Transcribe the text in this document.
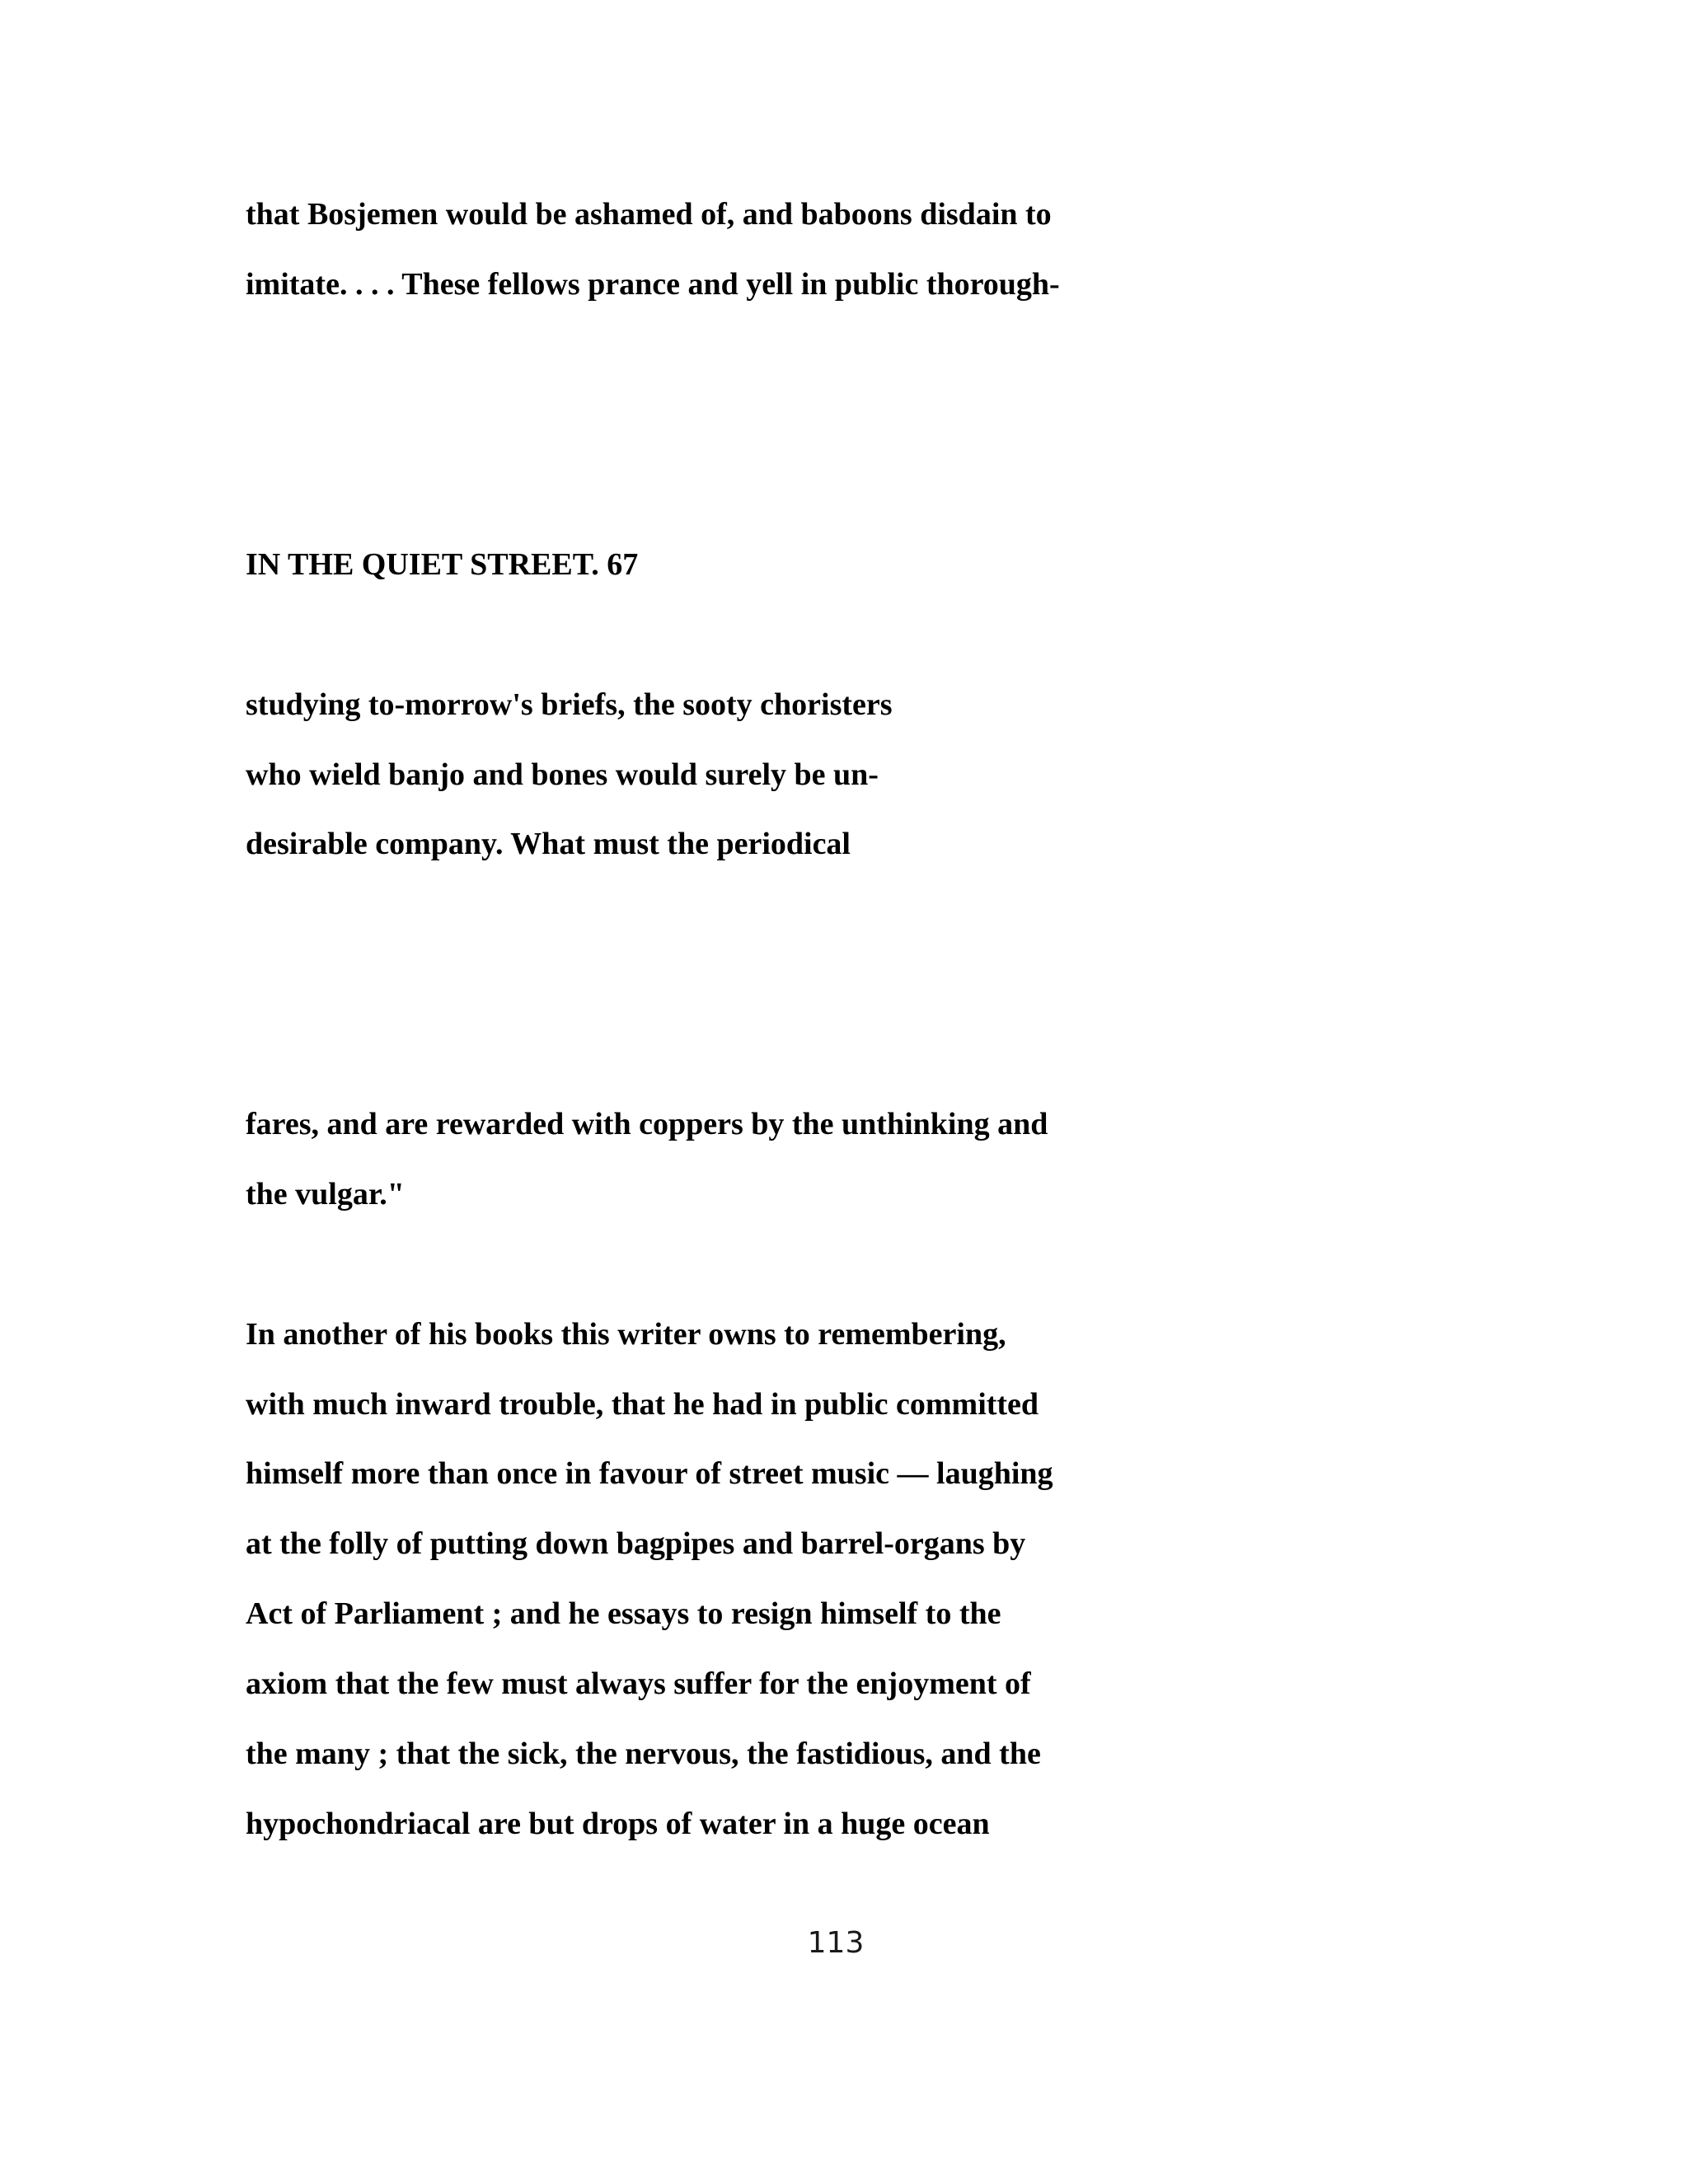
that Bosjemen would be ashamed of, and baboons disdain to
imitate. . . . These fellows prance and yell in public thorough-
IN THE QUIET STREET. 67
studying to-morrow's briefs, the sooty choristers
who wield banjo and bones would surely be un-
desirable company. What must the periodical
fares, and are rewarded with coppers by the unthinking and
the vulgar."
In another of his books this writer owns to remembering,
with much inward trouble, that he had in public committed
himself more than once in favour of street music — laughing
at the folly of putting down bagpipes and barrel-organs by
Act of Parliament ; and he essays to resign himself to the
axiom that the few must always suffer for the enjoyment of
the many ; that the sick, the nervous, the fastidious, and the
hypochondriacal are but drops of water in a huge ocean
113
